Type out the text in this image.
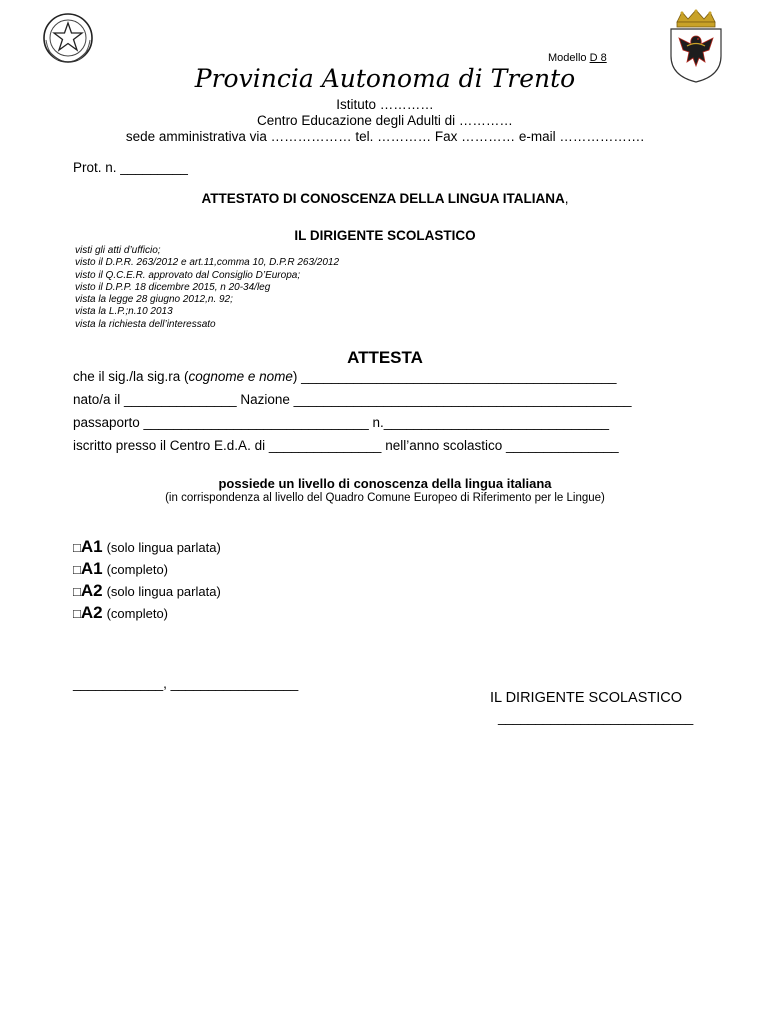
Modello D 8
Provincia Autonoma di Trento
Istituto …………
Centro Educazione degli Adulti di …………
sede amministrativa via ……………… tel. ………… Fax ………… e-mail ……………….
Prot. n. _________
ATTESTATO DI CONOSCENZA DELLA LINGUA ITALIANA,
IL DIRIGENTE SCOLASTICO
visti gli atti d’ufficio;
visto il D.P.R. 263/2012 e art.11,comma 10, D.P.R 263/2012
visto il Q.C.E.R. approvato dal Consiglio D’Europa;
visto il D.P.P. 18 dicembre 2015, n 20-34/leg
vista la legge 28 giugno 2012,n. 92;
vista la L.P.;n.10 2013
vista la richiesta dell’interessato
ATTESTA
che il sig./la sig.ra (cognome e nome) __________________________________________
nato/a il _______________ Nazione _____________________________________________
passaporto ______________________________ n.______________________________
iscritto presso il Centro E.d.A. di _______________ nell’anno scolastico _______________
possiede un livello di conoscenza della lingua italiana
(in corrispondenza al livello del Quadro Comune Europeo di Riferimento per le Lingue)
□A1 (solo lingua parlata)
□A1 (completo)
□A2 (solo lingua parlata)
□A2 (completo)
____________, _________________
IL DIRIGENTE SCOLASTICO
__________________________
